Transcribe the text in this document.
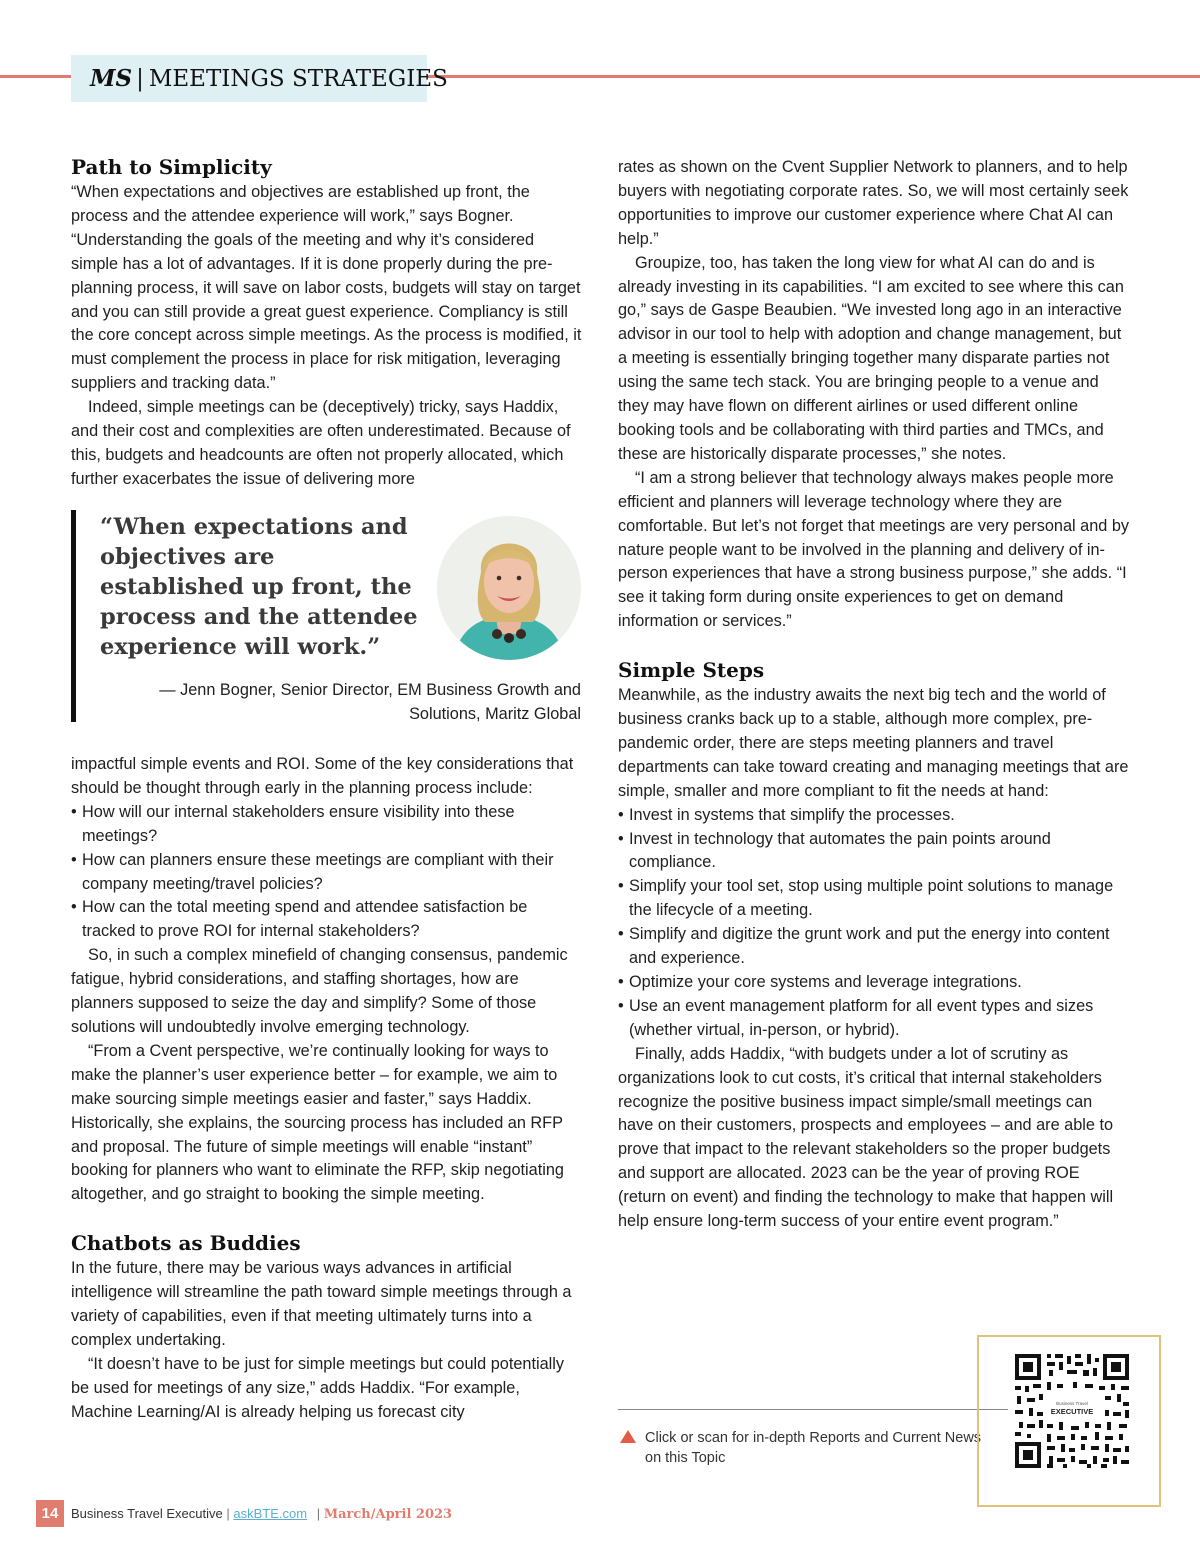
MS | MEETINGS STRATEGIES
Path to Simplicity

“When expectations and objectives are established up front, the process and the attendee experience will work,” says Bogner. “Understanding the goals of the meeting and why it’s considered simple has a lot of advantages. If it is done properly during the pre-planning process, it will save on labor costs, budgets will stay on target and you can still provide a great guest experience. Compliancy is still the core concept across simple meetings. As the process is modified, it must complement the process in place for risk mitigation, leveraging suppliers and tracking data.”

Indeed, simple meetings can be (deceptively) tricky, says Haddix, and their cost and complexities are often underestimated. Because of this, budgets and headcounts are often not properly allocated, which further exacerbates the issue of delivering more

“When expectations and objectives are established up front, the process and the attendee experience will work.”
— Jenn Bogner, Senior Director, EM Business Growth and Solutions, Maritz Global

impactful simple events and ROI. Some of the key considerations that should be thought through early in the planning process include:

• How will our internal stakeholders ensure visibility into these meetings?
• How can planners ensure these meetings are compliant with their company meeting/travel policies?
• How can the total meeting spend and attendee satisfaction be tracked to prove ROI for internal stakeholders?

So, in such a complex minefield of changing consensus, pandemic fatigue, hybrid considerations, and staffing shortages, how are planners supposed to seize the day and simplify? Some of those solutions will undoubtedly involve emerging technology.

“From a Cvent perspective, we’re continually looking for ways to make the planner’s user experience better – for example, we aim to make sourcing simple meetings easier and faster,” says Haddix. Historically, she explains, the sourcing process has included an RFP and proposal. The future of simple meetings will enable “instant” booking for planners who want to eliminate the RFP, skip negotiating altogether, and go straight to booking the simple meeting.

Chatbots as Buddies

In the future, there may be various ways advances in artificial intelligence will streamline the path toward simple meetings through a variety of capabilities, even if that meeting ultimately turns into a complex undertaking.

“It doesn’t have to be just for simple meetings but could potentially be used for meetings of any size,” adds Haddix. “For example, Machine Learning/AI is already helping us forecast city

rates as shown on the Cvent Supplier Network to planners, and to help buyers with negotiating corporate rates. So, we will most certainly seek opportunities to improve our customer experience where Chat AI can help.”

Groupize, too, has taken the long view for what AI can do and is already investing in its capabilities. “I am excited to see where this can go,” says de Gaspe Beaubien. “We invested long ago in an interactive advisor in our tool to help with adoption and change management, but a meeting is essentially bringing together many disparate parties not using the same tech stack. You are bringing people to a venue and they may have flown on different airlines or used different online booking tools and be collaborating with third parties and TMCs, and these are historically disparate processes,” she notes.

“I am a strong believer that technology always makes people more efficient and planners will leverage technology where they are comfortable. But let’s not forget that meetings are very personal and by nature people want to be involved in the planning and delivery of in-person experiences that have a strong business purpose,” she adds. “I see it taking form during onsite experiences to get on demand information or services.”

Simple Steps

Meanwhile, as the industry awaits the next big tech and the world of business cranks back up to a stable, although more complex, pre-pandemic order, there are steps meeting planners and travel departments can take toward creating and managing meetings that are simple, smaller and more compliant to fit the needs at hand:

• Invest in systems that simplify the processes.
• Invest in technology that automates the pain points around compliance.
• Simplify your tool set, stop using multiple point solutions to manage the lifecycle of a meeting.
• Simplify and digitize the grunt work and put the energy into content and experience.
• Optimize your core systems and leverage integrations.
• Use an event management platform for all event types and sizes (whether virtual, in-person, or hybrid).

Finally, adds Haddix, “with budgets under a lot of scrutiny as organizations look to cut costs, it’s critical that internal stakeholders recognize the positive business impact simple/small meetings can have on their customers, prospects and employees – and are able to prove that impact to the relevant stakeholders so the proper budgets and support are allocated. 2023 can be the year of proving ROE (return on event) and finding the technology to make that happen will help ensure long-term success of your entire event program.”

Click or scan for in-depth Reports and Current News on this Topic
Business Travel
EXECUTIVE
14 Business Travel Executive | askBTE.com | March/April 2023
